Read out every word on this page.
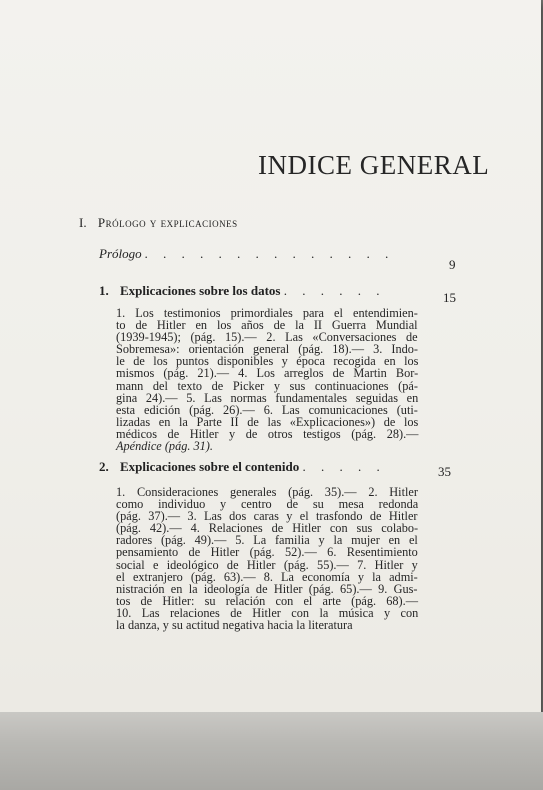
INDICE GENERAL
I. Prólogo y explicaciones
Prólogo . . . . . . . . . . . . . .
9
1. Explicaciones sobre los datos . . . . . .	15
1. Los testimonios primordiales para el entendimien-
to de Hitler en los años de la II Guerra Mundial
(1939-1945); (pág. 15).— 2. Las «Conversaciones de
Sobremesa»: orientación general (pág. 18).— 3. Indo-
le de los puntos disponibles y época recogida en los
mismos (pág. 21).— 4. Los arreglos de Martin Bor-
mann del texto de Picker y sus continuaciones (pá-
gina 24).— 5. Las normas fundamentales seguidas en
esta edición (pág. 26).— 6. Las comunicaciones (uti-
lizadas en la Parte II de las «Explicaciones») de los
médicos de Hitler y de otros testigos (pág. 28).—
Apéndice (pág. 31).
2. Explicaciones sobre el contenido . . . . .	35
1. Consideraciones generales (pág. 35).— 2. Hitler
como individuo y centro de su mesa redonda
(pág. 37).— 3. Las dos caras y el trasfondo de Hitler
(pág. 42).— 4. Relaciones de Hitler con sus colabo-
radores (pág. 49).— 5. La familia y la mujer en el
pensamiento de Hitler (pág. 52).— 6. Resentimiento
social e ideológico de Hitler (pág. 55).— 7. Hitler y
el extranjero (pág. 63).— 8. La economía y la admi-
nistración en la ideología de Hitler (pág. 65).— 9. Gus-
tos de Hitler: su relación con el arte (pág. 68).—
10. Las relaciones de Hitler con la música y con
la danza, y su actitud negativa hacia la literatura
